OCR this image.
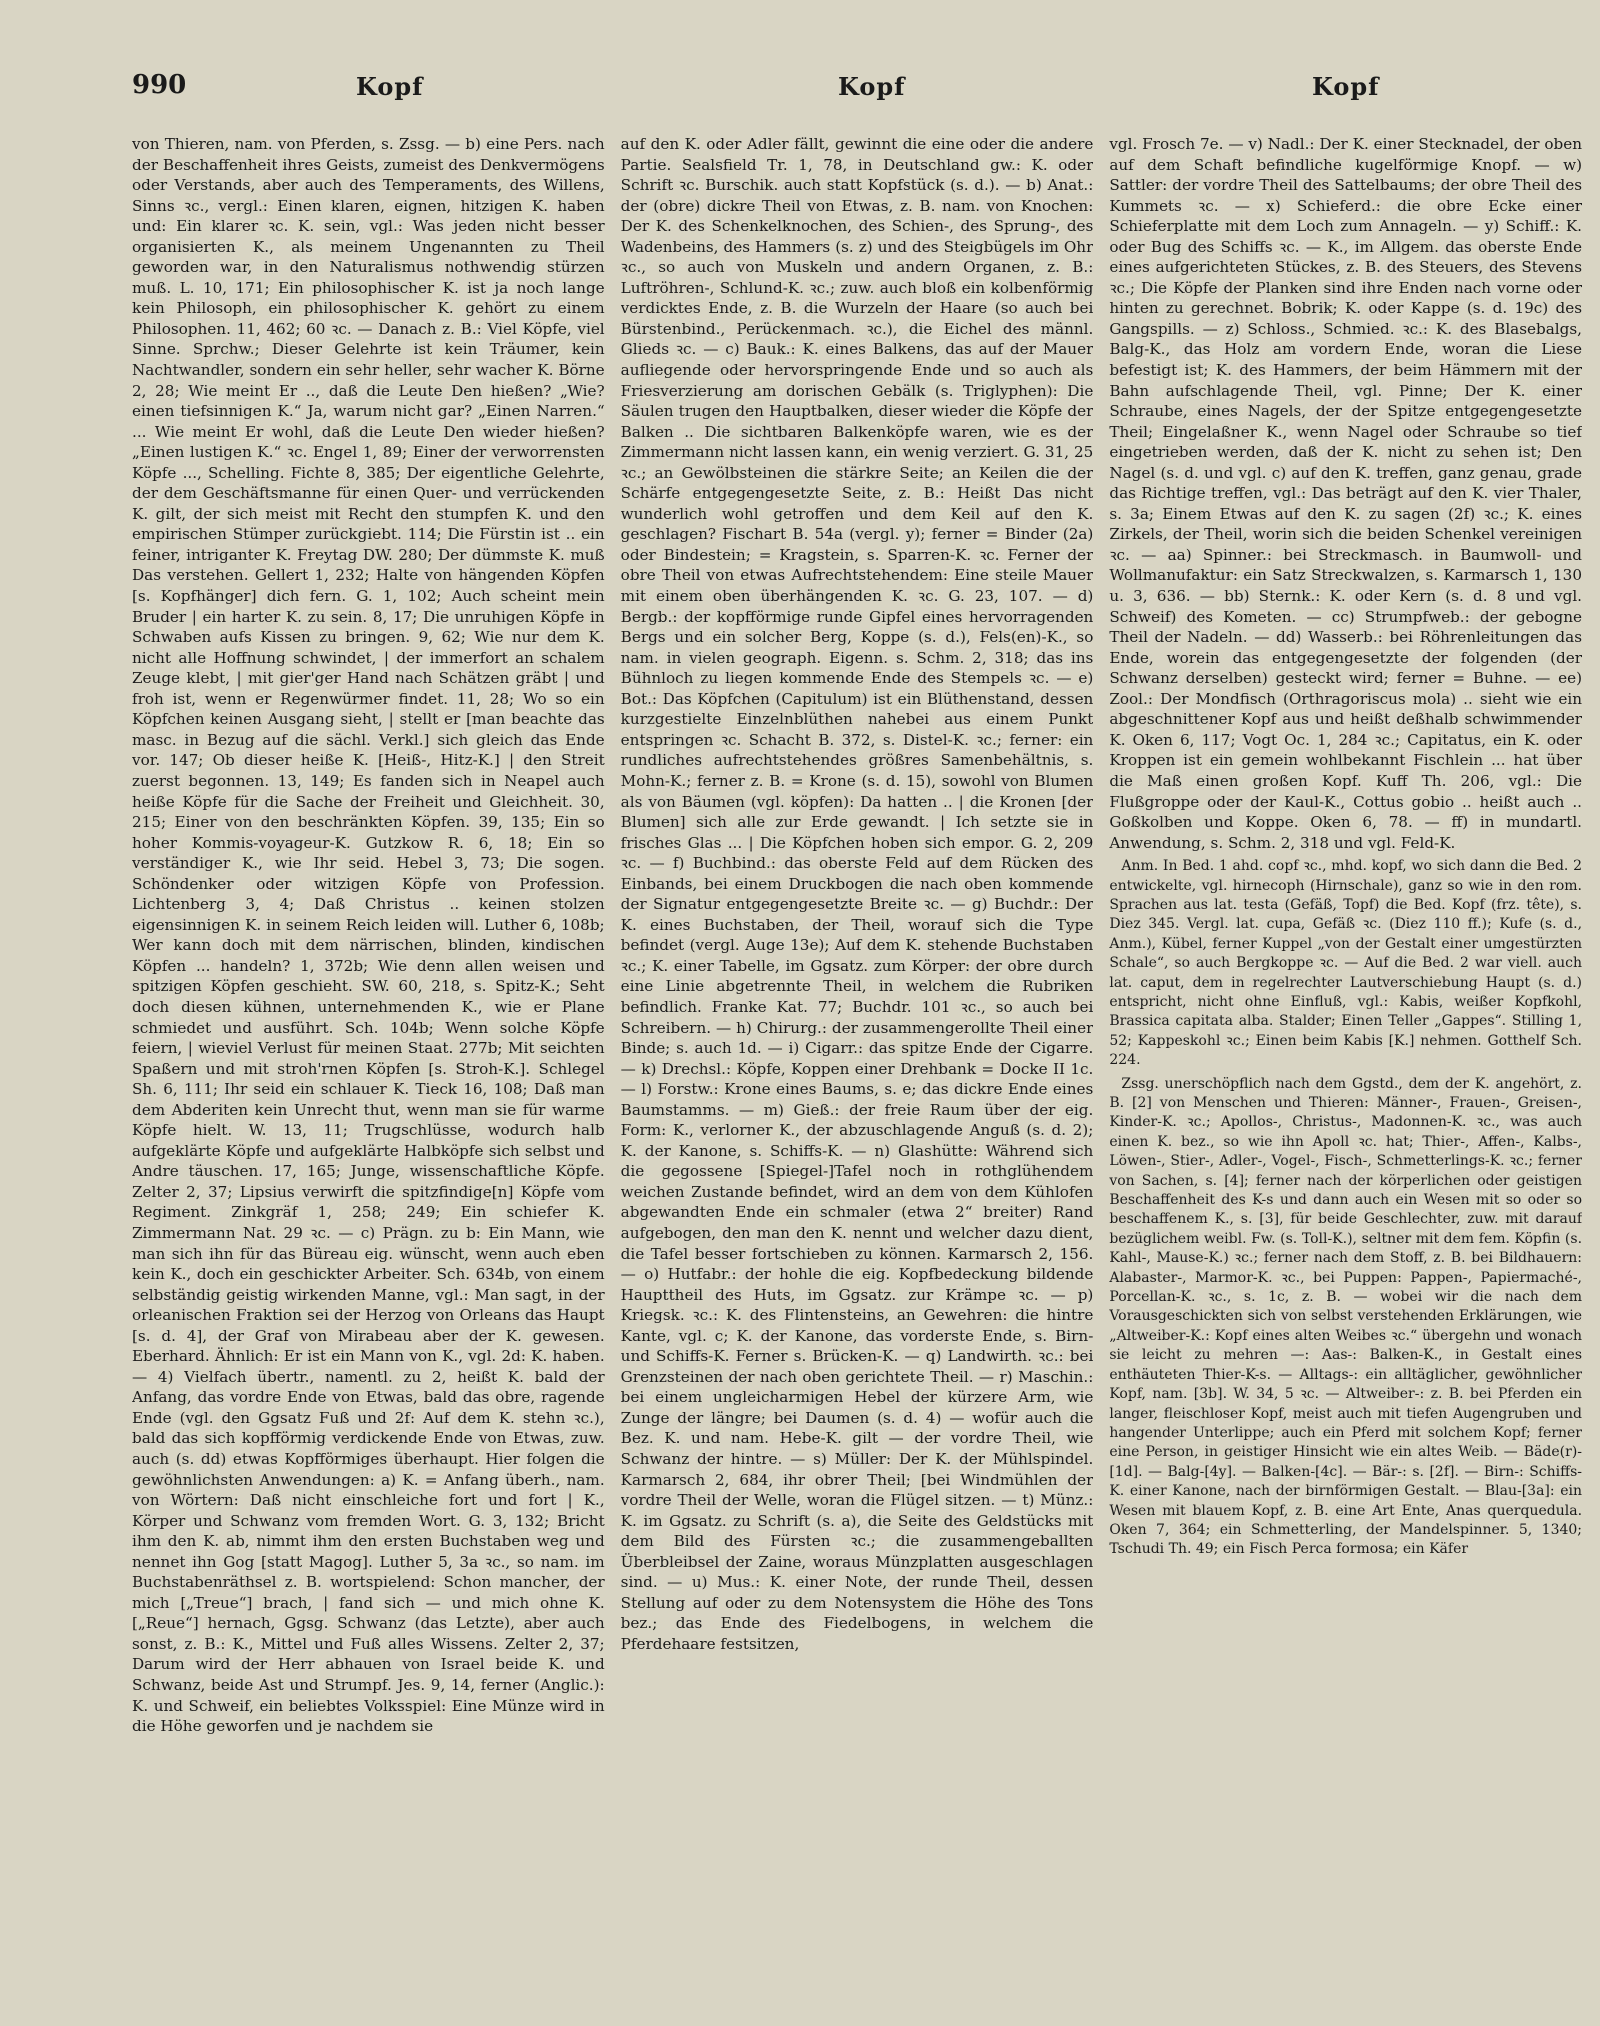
990	Kopf	Kopf	Kopf

von Thieren, nam. von Pferden, s. Zssg. — b) eine Pers. nach der Beschaffenheit ihres Geists, zumeist des Denkvermögens oder Verstands, aber auch des Temperaments, des Willens, Sinns ꝛc., vergl.: Einen klaren, eignen, hitzigen K. haben und: Ein klarer ꝛc. K. sein, vgl.: Was jeden nicht besser organisierten K., als meinem Ungenannten zu Theil geworden war, in den Naturalismus nothwendig stürzen muß. L. 10, 171; Ein philosophischer K. ist ja noch lange kein Philosoph, ein philosophischer K. gehört zu einem Philosophen. 11, 462; 60 ꝛc. — Danach z. B.: Viel Köpfe, viel Sinne. Sprchw.; Dieser Gelehrte ist kein Träumer, kein Nachtwandler, sondern ein sehr heller, sehr wacher K. Börne 2, 28; Wie meint Er .., daß die Leute Den hießen? „Wie? einen tiefsinnigen K.“ Ja, warum nicht gar? „Einen Narren.“ ... Wie meint Er wohl, daß die Leute Den wieder hießen? „Einen lustigen K.“ ꝛc. Engel 1, 89; Einer der verworrensten Köpfe ..., Schelling. Fichte 8, 385; Der eigentliche Gelehrte, der dem Geschäftsmanne für einen Quer- und verrückenden K. gilt, der sich meist mit Recht den stumpfen K. und den empirischen Stümper zurückgiebt. 114; Die Fürstin ist .. ein feiner, intriganter K. Freytag DW. 280; Der dümmste K. muß Das verstehen. Gellert 1, 232; Halte von hängenden Köpfen [s. Kopfhänger] dich fern. G. 1, 102; Auch scheint mein Bruder | ein harter K. zu sein. 8, 17; Die unruhigen Köpfe in Schwaben aufs Kissen zu bringen. 9, 62; Wie nur dem K. nicht alle Hoffnung schwindet, | der immerfort an schalem Zeuge klebt, | mit gier'ger Hand nach Schätzen gräbt | und froh ist, wenn er Regenwürmer findet. 11, 28; Wo so ein Köpfchen keinen Ausgang sieht, | stellt er [man beachte das masc. in Bezug auf die sächl. Verkl.] sich gleich das Ende vor. 147; Ob dieser heiße K. [Heiß-, Hitz-K.] | den Streit zuerst begonnen. 13, 149; Es fanden sich in Neapel auch heiße Köpfe für die Sache der Freiheit und Gleichheit. 30, 215; Einer von den beschränkten Köpfen. 39, 135; Ein so hoher Kommis-voyageur-K. Gutzkow R. 6, 18; Ein so verständiger K., wie Ihr seid. Hebel 3, 73; Die sogen. Schöndenker oder witzigen Köpfe von Profession. Lichtenberg 3, 4; Daß Christus .. keinen stolzen eigensinnigen K. in seinem Reich leiden will. Luther 6, 108b; Wer kann doch mit dem närrischen, blinden, kindischen Köpfen ... handeln? 1, 372b; Wie denn allen weisen und spitzigen Köpfen geschieht. SW. 60, 218, s. Spitz-K.; Seht doch diesen kühnen, unternehmenden K., wie er Plane schmiedet und ausführt. Sch. 104b; Wenn solche Köpfe feiern, | wieviel Verlust für meinen Staat. 277b; Mit seichten Spaßern und mit stroh'rnen Köpfen [s. Stroh-K.]. Schlegel Sh. 6, 111; Ihr seid ein schlauer K. Tieck 16, 108; Daß man dem Abderiten kein Unrecht thut, wenn man sie für warme Köpfe hielt. W. 13, 11; Trugschlüsse, wodurch halb aufgeklärte Köpfe und aufgeklärte Halbköpfe sich selbst und Andre täuschen. 17, 165; Junge, wissenschaftliche Köpfe. Zelter 2, 37; Lipsius verwirft die spitzfindige[n] Köpfe vom Regiment. Zinkgräf 1, 258; 249; Ein schiefer K. Zimmermann Nat. 29 ꝛc. — c) Prägn. zu b: Ein Mann, wie man sich ihn für das Büreau eig. wünscht, wenn auch eben kein K., doch ein geschickter Arbeiter. Sch. 634b, von einem selbständig geistig wirkenden Manne, vgl.: Man sagt, in der orleanischen Fraktion sei der Herzog von Orleans das Haupt [s. d. 4], der Graf von Mirabeau aber der K. gewesen. Eberhard. Ähnlich: Er ist ein Mann von K., vgl. 2d: K. haben. — 4) Vielfach übertr., namentl. zu 2, heißt K. bald der Anfang, das vordre Ende von Etwas, bald das obre, ragende Ende (vgl. den Ggsatz Fuß und 2f: Auf dem K. stehn ꝛc.), bald das sich kopfförmig verdickende Ende von Etwas, zuw. auch (s. dd) etwas Kopfförmiges überhaupt. Hier folgen die gewöhnlichsten Anwendungen: a) K. = Anfang überh., nam. von Wörtern: Daß nicht einschleiche fort und fort | K., Körper und Schwanz vom fremden Wort. G. 3, 132; Bricht ihm den K. ab, nimmt ihm den ersten Buchstaben weg und nennet ihn Gog [statt Magog]. Luther 5, 3a ꝛc., so nam. im Buchstabenräthsel z. B. wortspielend: Schon mancher, der mich [„Treue“] brach, | fand sich — und mich ohne K. [„Reue“] hernach, Ggsg. Schwanz (das Letzte), aber auch sonst, z. B.: K., Mittel und Fuß alles Wissens. Zelter 2, 37; Darum wird der Herr abhauen von Israel beide K. und Schwanz, beide Ast und Strumpf. Jes. 9, 14, ferner (Anglic.): K. und Schweif, ein beliebtes Volksspiel: Eine Münze wird in die Höhe geworfen und je nachdem sie

auf den K. oder Adler fällt, gewinnt die eine oder die andere Partie. Sealsfield Tr. 1, 78, in Deutschland gw.: K. oder Schrift ꝛc. Burschik. auch statt Kopfstück (s. d.). — b) Anat.: der (obre) dickre Theil von Etwas, z. B. nam. von Knochen: Der K. des Schenkelknochen, des Schien-, des Sprung-, des Wadenbeins, des Hammers (s. z) und des Steigbügels im Ohr ꝛc., so auch von Muskeln und andern Organen, z. B.: Luftröhren-, Schlund-K. ꝛc.; zuw. auch bloß ein kolbenförmig verdicktes Ende, z. B. die Wurzeln der Haare (so auch bei Bürstenbind., Perückenmach. ꝛc.), die Eichel des männl. Glieds ꝛc. — c) Bauk.: K. eines Balkens, das auf der Mauer aufliegende oder hervorspringende Ende und so auch als Friesverzierung am dorischen Gebälk (s. Triglyphen): Die Säulen trugen den Hauptbalken, dieser wieder die Köpfe der Balken .. Die sichtbaren Balkenköpfe waren, wie es der Zimmermann nicht lassen kann, ein wenig verziert. G. 31, 25 ꝛc.; an Gewölbsteinen die stärkre Seite; an Keilen die der Schärfe entgegengesetzte Seite, z. B.: Heißt Das nicht wunderlich wohl getroffen und dem Keil auf den K. geschlagen? Fischart B. 54a (vergl. y); ferner = Binder (2a) oder Bindestein; = Kragstein, s. Sparren-K. ꝛc. Ferner der obre Theil von etwas Aufrechtstehendem: Eine steile Mauer mit einem oben überhängenden K. ꝛc. G. 23, 107. — d) Bergb.: der kopfförmige runde Gipfel eines hervorragenden Bergs und ein solcher Berg, Koppe (s. d.), Fels(en)-K., so nam. in vielen geograph. Eigenn. s. Schm. 2, 318; das ins Bühnloch zu liegen kommende Ende des Stempels ꝛc. — e) Bot.: Das Köpfchen (Capitulum) ist ein Blüthenstand, dessen kurzgestielte Einzelnblüthen nahebei aus einem Punkt entspringen ꝛc. Schacht B. 372, s. Distel-K. ꝛc.; ferner: ein rundliches aufrechtstehendes größres Samenbehältnis, s. Mohn-K.; ferner z. B. = Krone (s. d. 15), sowohl von Blumen als von Bäumen (vgl. köpfen): Da hatten .. | die Kronen [der Blumen] sich alle zur Erde gewandt. | Ich setzte sie in frisches Glas ... | Die Köpfchen hoben sich empor. G. 2, 209 ꝛc. — f) Buchbind.: das oberste Feld auf dem Rücken des Einbands, bei einem Druckbogen die nach oben kommende der Signatur entgegengesetzte Breite ꝛc. — g) Buchdr.: Der K. eines Buchstaben, der Theil, worauf sich die Type befindet (vergl. Auge 13e); Auf dem K. stehende Buchstaben ꝛc.; K. einer Tabelle, im Ggsatz. zum Körper: der obre durch eine Linie abgetrennte Theil, in welchem die Rubriken befindlich. Franke Kat. 77; Buchdr. 101 ꝛc., so auch bei Schreibern. — h) Chirurg.: der zusammengerollte Theil einer Binde; s. auch 1d. — i) Cigarr.: das spitze Ende der Cigarre. — k) Drechsl.: Köpfe, Koppen einer Drehbank = Docke II 1c. — l) Forstw.: Krone eines Baums, s. e; das dickre Ende eines Baumstamms. — m) Gieß.: der freie Raum über der eig. Form: K., verlorner K., der abzuschlagende Anguß (s. d. 2); K. der Kanone, s. Schiffs-K. — n) Glashütte: Während sich die gegossene [Spiegel-]Tafel noch in rothglühendem weichen Zustande befindet, wird an dem von dem Kühlofen abgewandten Ende ein schmaler (etwa 2“ breiter) Rand aufgebogen, den man den K. nennt und welcher dazu dient, die Tafel besser fortschieben zu können. Karmarsch 2, 156. — o) Hutfabr.: der hohle die eig. Kopfbedeckung bildende Haupttheil des Huts, im Ggsatz. zur Krämpe ꝛc. — p) Kriegsk. ꝛc.: K. des Flintensteins, an Gewehren: die hintre Kante, vgl. c; K. der Kanone, das vorderste Ende, s. Birn- und Schiffs-K. Ferner s. Brücken-K. — q) Landwirth. ꝛc.: bei Grenzsteinen der nach oben gerichtete Theil. — r) Maschin.: bei einem ungleicharmigen Hebel der kürzere Arm, wie Zunge der längre; bei Daumen (s. d. 4) — wofür auch die Bez. K. und nam. Hebe-K. gilt — der vordre Theil, wie Schwanz der hintre. — s) Müller: Der K. der Mühlspindel. Karmarsch 2, 684, ihr obrer Theil; [bei Windmühlen der vordre Theil der Welle, woran die Flügel sitzen. — t) Münz.: K. im Ggsatz. zu Schrift (s. a), die Seite des Geldstücks mit dem Bild des Fürsten ꝛc.; die zusammengeballten Überbleibsel der Zaine, woraus Münzplatten ausgeschlagen sind. — u) Mus.: K. einer Note, der runde Theil, dessen Stellung auf oder zu dem Notensystem die Höhe des Tons bez.; das Ende des Fiedelbogens, in welchem die Pferdehaare festsitzen,

vgl. Frosch 7e. — v) Nadl.: Der K. einer Stecknadel, der oben auf dem Schaft befindliche kugelförmige Knopf. — w) Sattler: der vordre Theil des Sattelbaums; der obre Theil des Kummets ꝛc. — x) Schieferd.: die obre Ecke einer Schieferplatte mit dem Loch zum Annageln. — y) Schiff.: K. oder Bug des Schiffs ꝛc. — K., im Allgem. das oberste Ende eines aufgerichteten Stückes, z. B. des Steuers, des Stevens ꝛc.; Die Köpfe der Planken sind ihre Enden nach vorne oder hinten zu gerechnet. Bobrik; K. oder Kappe (s. d. 19c) des Gangspills. — z) Schloss., Schmied. ꝛc.: K. des Blasebalgs, Balg-K., das Holz am vordern Ende, woran die Liese befestigt ist; K. des Hammers, der beim Hämmern mit der Bahn aufschlagende Theil, vgl. Pinne; Der K. einer Schraube, eines Nagels, der der Spitze entgegengesetzte Theil; Eingelaßner K., wenn Nagel oder Schraube so tief eingetrieben werden, daß der K. nicht zu sehen ist; Den Nagel (s. d. und vgl. c) auf den K. treffen, ganz genau, grade das Richtige treffen, vgl.: Das beträgt auf den K. vier Thaler, s. 3a; Einem Etwas auf den K. zu sagen (2f) ꝛc.; K. eines Zirkels, der Theil, worin sich die beiden Schenkel vereinigen ꝛc. — aa) Spinner.: bei Streckmasch. in Baumwoll- und Wollmanufaktur: ein Satz Streckwalzen, s. Karmarsch 1, 130 u. 3, 636. — bb) Sternk.: K. oder Kern (s. d. 8 und vgl. Schweif) des Kometen. — cc) Strumpfweb.: der gebogne Theil der Nadeln. — dd) Wasserb.: bei Röhrenleitungen das Ende, worein das entgegengesetzte der folgenden (der Schwanz derselben) gesteckt wird; ferner = Buhne. — ee) Zool.: Der Mondfisch (Orthragoriscus mola) .. sieht wie ein abgeschnittener Kopf aus und heißt deßhalb schwimmender K. Oken 6, 117; Vogt Oc. 1, 284 ꝛc.; Capitatus, ein K. oder Kroppen ist ein gemein wohlbekannt Fischlein ... hat über die Maß einen großen Kopf. Kuff Th. 206, vgl.: Die Flußgroppe oder der Kaul-K., Cottus gobio .. heißt auch .. Goßkolben und Koppe. Oken 6, 78. — ff) in mundartl. Anwendung, s. Schm. 2, 318 und vgl. Feld-K.

Anm. In Bed. 1 ahd. copf ꝛc., mhd. kopf, wo sich dann die Bed. 2 entwickelte, vgl. hirnecoph (Hirnschale), ganz so wie in den rom. Sprachen aus lat. testa (Gefäß, Topf) die Bed. Kopf (frz. tête), s. Diez 345. Vergl. lat. cupa, Gefäß ꝛc. (Diez 110 ff.); Kufe (s. d., Anm.), Kübel, ferner Kuppel „von der Gestalt einer umgestürzten Schale“, so auch Bergkoppe ꝛc. — Auf die Bed. 2 war viell. auch lat. caput, dem in regelrechter Lautverschiebung Haupt (s. d.) entspricht, nicht ohne Einfluß, vgl.: Kabis, weißer Kopfkohl, Brassica capitata alba. Stalder; Einen Teller „Gappes“. Stilling 1, 52; Kappeskohl ꝛc.; Einen beim Kabis [K.] nehmen. Gotthelf Sch. 224.

Zssg. unerschöpflich nach dem Ggstd., dem der K. angehört, z. B. [2] von Menschen und Thieren: Männer-, Frauen-, Greisen-, Kinder-K. ꝛc.; Apollos-, Christus-, Madonnen-K. ꝛc., was auch einen K. bez., so wie ihn Apoll ꝛc. hat; Thier-, Affen-, Kalbs-, Löwen-, Stier-, Adler-, Vogel-, Fisch-, Schmetterlings-K. ꝛc.; ferner von Sachen, s. [4]; ferner nach der körperlichen oder geistigen Beschaffenheit des K-s und dann auch ein Wesen mit so oder so beschaffenem K., s. [3], für beide Geschlechter, zuw. mit darauf bezüglichem weibl. Fw. (s. Toll-K.), seltner mit dem fem. Köpfin (s. Kahl-, Mause-K.) ꝛc.; ferner nach dem Stoff, z. B. bei Bildhauern: Alabaster-, Marmor-K. ꝛc., bei Puppen: Pappen-, Papiermaché-, Porcellan-K. ꝛc., s. 1c, z. B. — wobei wir die nach dem Vorausgeschickten sich von selbst verstehenden Erklärungen, wie „Altweiber-K.: Kopf eines alten Weibes ꝛc.“ übergehn und wonach sie leicht zu mehren —: Aas-: Balken-K., in Gestalt eines enthäuteten Thier-K-s. — Alltags-: ein alltäglicher, gewöhnlicher Kopf, nam. [3b]. W. 34, 5 ꝛc. — Altweiber-: z. B. bei Pferden ein langer, fleischloser Kopf, meist auch mit tiefen Augengruben und hangender Unterlippe; auch ein Pferd mit solchem Kopf; ferner eine Person, in geistiger Hinsicht wie ein altes Weib. — Bäde(r)-[1d]. — Balg-[4y]. — Balken-[4c]. — Bär-: s. [2f]. — Birn-: Schiffs-K. einer Kanone, nach der birnförmigen Gestalt. — Blau-[3a]: ein Wesen mit blauem Kopf, z. B. eine Art Ente, Anas querquedula. Oken 7, 364; ein Schmetterling, der Mandelspinner. 5, 1340; Tschudi Th. 49; ein Fisch Perca formosa; ein Käfer
